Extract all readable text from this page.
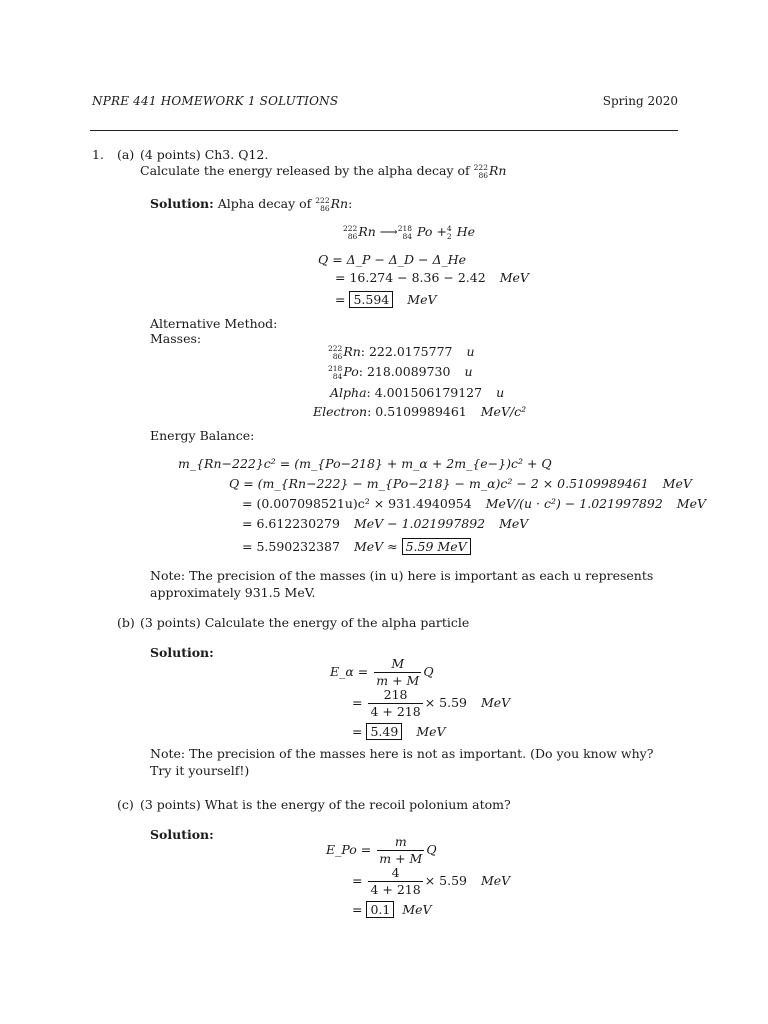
NPRE 441 HOMEWORK 1 SOLUTIONS	Spring 2020
1. (a) (4 points) Ch3. Q12.
Calculate the energy released by the alpha decay of 222
86Rn
Solution: Alpha decay of 222
86Rn:
222
86Rn ⟶218
84 Po +4
2 He
Q = Δ_P − Δ_D − Δ_He
= 16.274 − 8.36 − 2.42 MeV
= 5.594 MeV
Alternative Method:
Masses:
222
86Rn: 222.0175777 u
218
84Po: 218.0089730 u
Alpha: 4.001506179127 u
Electron: 0.5109989461 MeV/c²
Energy Balance:
m_{Rn−222}c² = (m_{Po−218} + m_α + 2m_{e−})c² + Q
Q = (m_{Rn−222} − m_{Po−218} − m_α)c² − 2 × 0.5109989461 MeV
= (0.007098521u)c² × 931.4940954 MeV/(u · c²) − 1.021997892 MeV
= 6.612230279 MeV − 1.021997892 MeV
= 5.590232387 MeV ≈ 5.59 MeV
Note: The precision of the masses (in u) here is important as each u represents approximately 931.5 MeV.
(b) (3 points) Calculate the energy of the alpha particle
Solution:
E_α = $\frac{M}{m + M}$ Q
= $\frac{218}{4 + 218} \times 5.59$ MeV
= 5.49 MeV
Note: The precision of the masses here is not as important. (Do you know why? Try it yourself!)
(c) (3 points) What is the energy of the recoil polonium atom?
Solution:
E_Po = $\frac{m}{m + M}$ Q
= $\frac{4}{4 + 218} \times 5.59$ MeV
= 0.1 MeV
